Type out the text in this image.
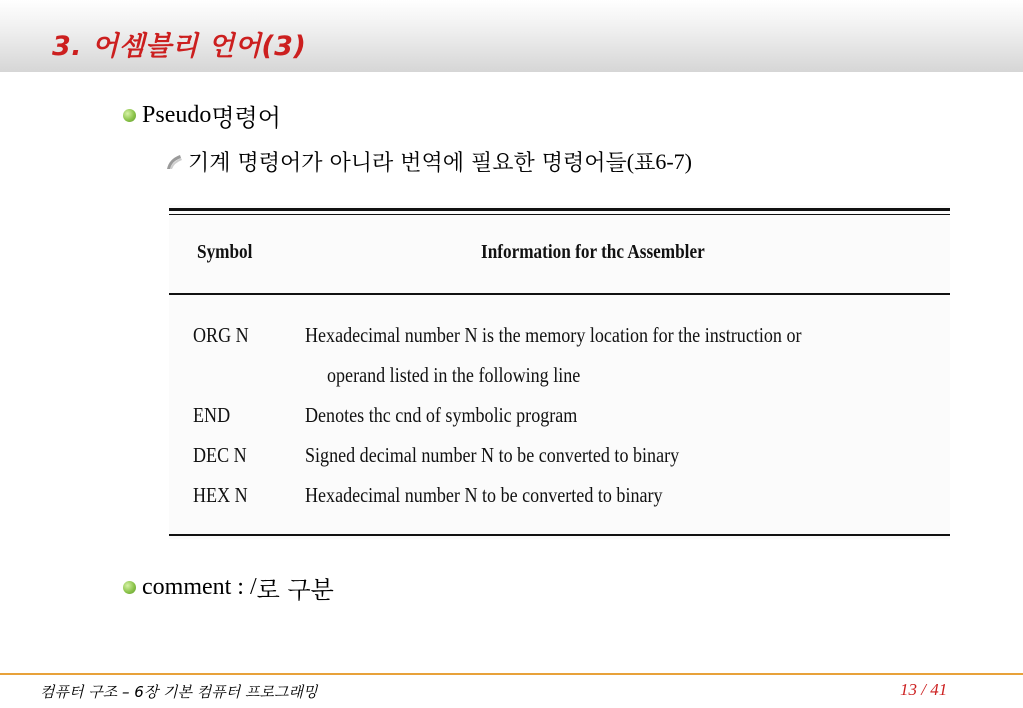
3. 어셈블리 언어(3)
Pseudo 명령어
기계 명령어가 아니라 번역에 필요한 명령어들 ( 표 6-7)
Symbol	Information for thc Assembler
ORG N	Hexadecimal number N is the memory location for the instruction or
operand listed in the following line
END	Denotes thc cnd of symbolic program
DEC N	Signed decimal number N to be converted to binary
HEX N	Hexadecimal number N to be converted to binary
comment : / 로 구분
컴퓨터 구조 – 6장 기본 컴퓨터 프로그래밍	13 / 41
